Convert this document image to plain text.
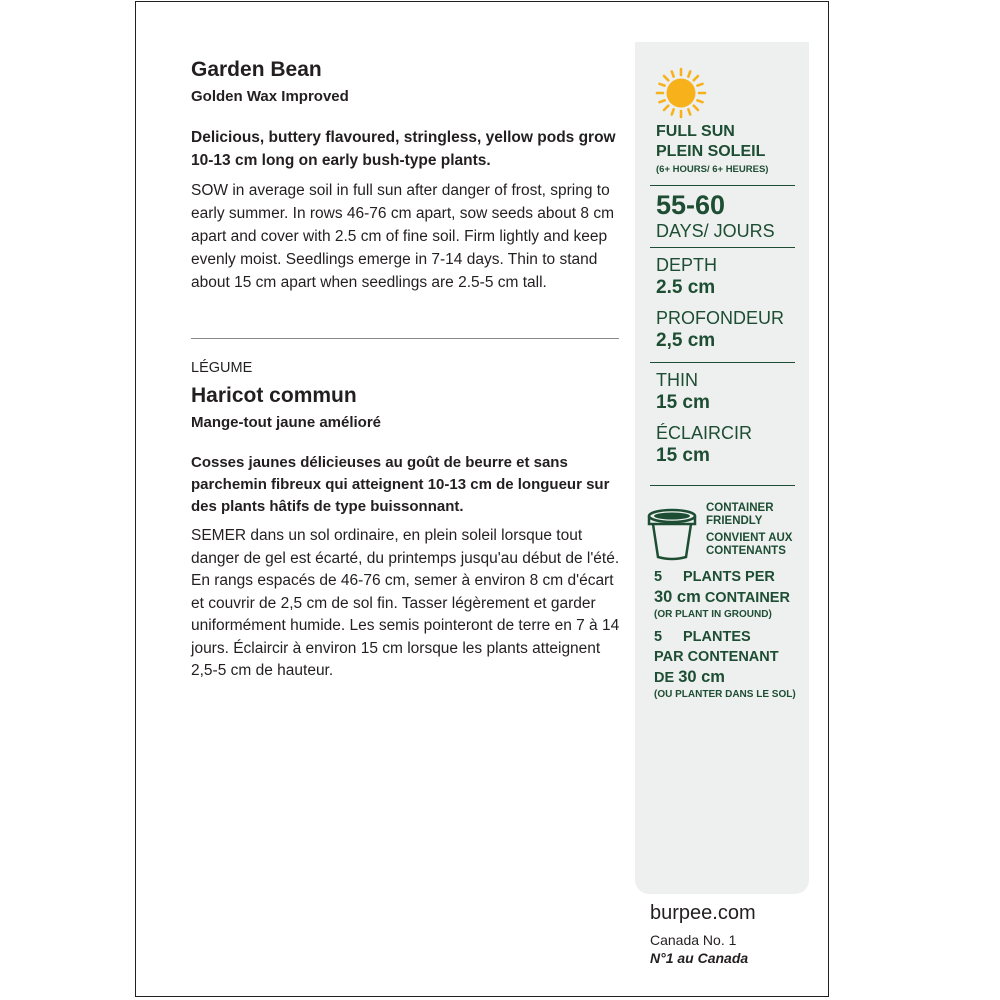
Garden Bean

Golden Wax Improved

Delicious, buttery flavoured, stringless, yellow pods grow 10-13 cm long on early bush-type plants.

SOW in average soil in full sun after danger of frost, spring to early summer. In rows 46-76 cm apart, sow seeds about 8 cm apart and cover with 2.5 cm of fine soil. Firm lightly and keep evenly moist. Seedlings emerge in 7-14 days. Thin to stand about 15 cm apart when seedlings are 2.5-5 cm tall.

LÉGUME

Haricot commun

Mange-tout jaune amélioré

Cosses jaunes délicieuses au goût de beurre et sans parchemin fibreux qui atteignent 10-13 cm de longueur sur des plants hâtifs de type buissonnant.

SEMER dans un sol ordinaire, en plein soleil lorsque tout danger de gel est écarté, du printemps jusqu'au début de l'été. En rangs espacés de 46-76 cm, semer à environ 8 cm d'écart et couvrir de 2,5 cm de sol fin. Tasser légèrement et garder uniformément humide. Les semis pointeront de terre en 7 à 14 jours. Éclaircir à environ 15 cm lorsque les plants atteignent 2,5-5 cm de hauteur.

FULL SUN

PLEIN SOLEIL

(6+ HOURS/ 6+ HEURES)

55-60

DAYS/ JOURS

DEPTH

2.5 cm

PROFONDEUR

2,5 cm

THIN

15 cm

ÉCLAIRCIR

15 cm

CONTAINER

FRIENDLY

CONVIENT AUX

CONTENANTS

5 PLANTS PER

30 cm CONTAINER

(OR PLANT IN GROUND)

5 PLANTES

PAR CONTENANT

DE 30 cm

(OU PLANTER DANS LE SOL)

burpee.com

Canada No. 1

N°1 au Canada
